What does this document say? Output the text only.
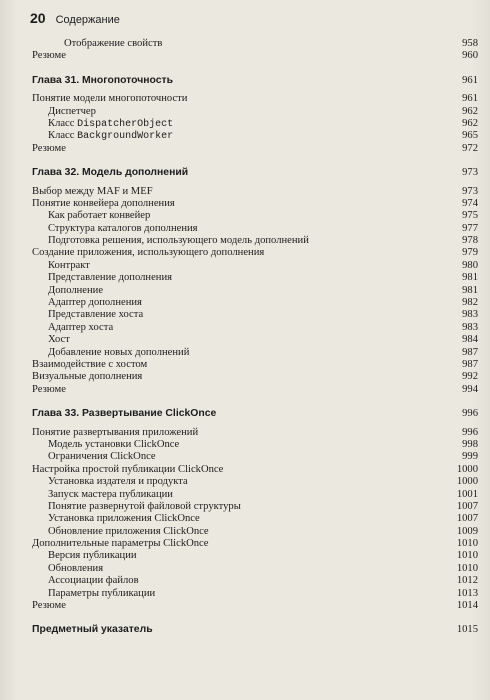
20 Содержание
Отображение свойств	958
Резюме	960
Глава 31. Многопоточность	961
Понятие модели многопоточности	961
Диспетчер	962
Класс DispatcherObject	962
Класс BackgroundWorker	965
Резюме	972
Глава 32. Модель дополнений	973
Выбор между MAF и MEF	973
Понятие конвейера дополнения	974
Как работает конвейер	975
Структура каталогов дополнения	977
Подготовка решения, использующего модель дополнений	978
Создание приложения, использующего дополнения	979
Контракт	980
Представление дополнения	981
Дополнение	981
Адаптер дополнения	982
Представление хоста	983
Адаптер хоста	983
Хост	984
Добавление новых дополнений	987
Взаимодействие с хостом	987
Визуальные дополнения	992
Резюме	994
Глава 33. Развертывание ClickOnce	996
Понятие развертывания приложений	996
Модель установки ClickOnce	998
Ограничения ClickOnce	999
Настройка простой публикации ClickOnce	1000
Установка издателя и продукта	1000
Запуск мастера публикации	1001
Понятие развернутой файловой структуры	1007
Установка приложения ClickOnce	1007
Обновление приложения ClickOnce	1009
Дополнительные параметры ClickOnce	1010
Версия публикации	1010
Обновления	1010
Ассоциации файлов	1012
Параметры публикации	1013
Резюме	1014
Предметный указатель	1015
